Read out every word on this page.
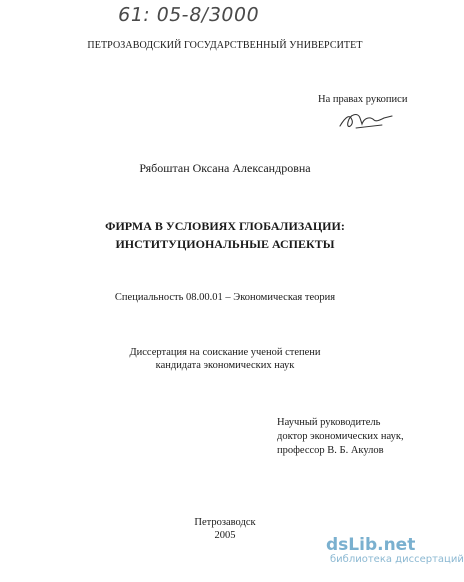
61: 05-8/3000
ПЕТРОЗАВОДСКИЙ ГОСУДАРСТВЕННЫЙ УНИВЕРСИТЕТ
На правах рукописи
Рябоштан Оксана Александровна
ФИРМА В УСЛОВИЯХ ГЛОБАЛИЗАЦИИ:
ИНСТИТУЦИОНАЛЬНЫЕ АСПЕКТЫ
Специальность 08.00.01 – Экономическая теория
Диссертация на соискание ученой степени
кандидата экономических наук
Научный руководитель
доктор экономических наук,
профессор В. Б. Акулов
Петрозаводск
2005	dsLib.net
библиотека диссертаций
